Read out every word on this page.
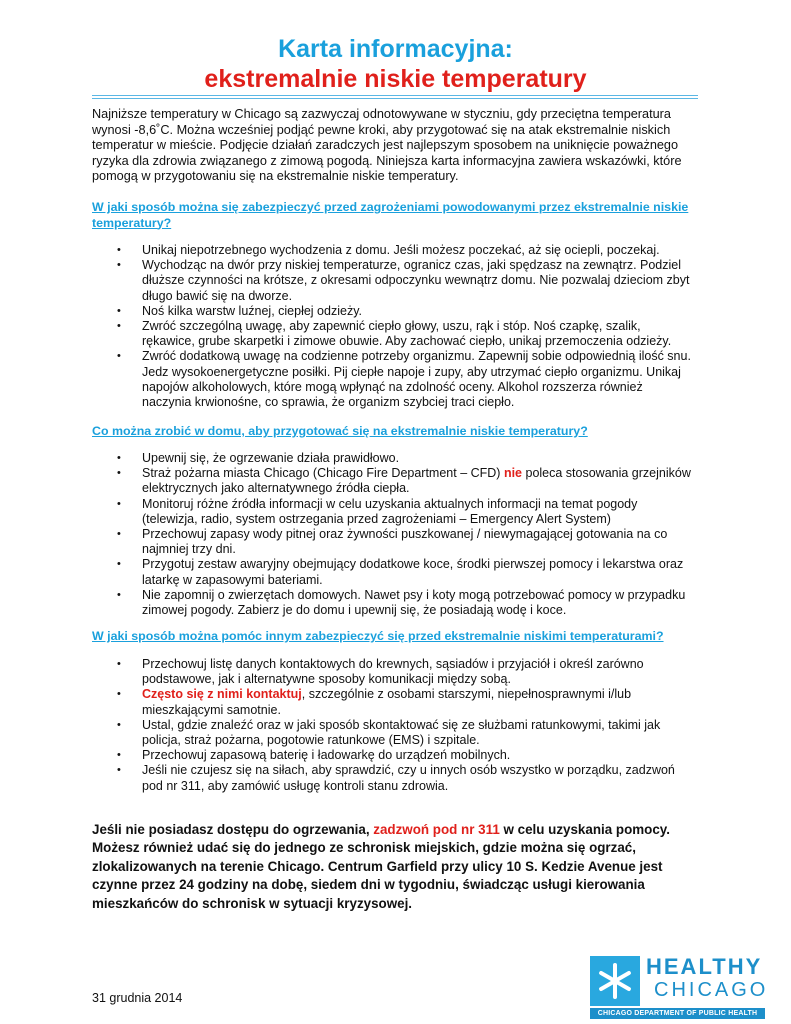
Karta informacyjna:
ekstremalnie niskie temperatury

Najniższe temperatury w Chicago są zazwyczaj odnotowywane w styczniu, gdy przeciętna temperatura wynosi -8,6˚C. Można wcześniej podjąć pewne kroki, aby przygotować się na atak ekstremalnie niskich temperatur w mieście. Podjęcie działań zaradczych jest najlepszym sposobem na uniknięcie poważnego ryzyka dla zdrowia związanego z zimową pogodą. Niniejsza karta informacyjna zawiera wskazówki, które pomogą w przygotowaniu się na ekstremalnie niskie temperatury.

W jaki sposób można się zabezpieczyć przed zagrożeniami powodowanymi przez ekstremalnie niskie temperatury?

• Unikaj niepotrzebnego wychodzenia z domu. Jeśli możesz poczekać, aż się ociepli, poczekaj.
• Wychodząc na dwór przy niskiej temperaturze, ogranicz czas, jaki spędzasz na zewnątrz. Podziel dłuższe czynności na krótsze, z okresami odpoczynku wewnątrz domu. Nie pozwalaj dzieciom zbyt długo bawić się na dworze.
• Noś kilka warstw luźnej, ciepłej odzieży.
• Zwróć szczególną uwagę, aby zapewnić ciepło głowy, uszu, rąk i stóp. Noś czapkę, szalik, rękawice, grube skarpetki i zimowe obuwie. Aby zachować ciepło, unikaj przemoczenia odzieży.
• Zwróć dodatkową uwagę na codzienne potrzeby organizmu. Zapewnij sobie odpowiednią ilość snu. Jedz wysokoenergetyczne posiłki. Pij ciepłe napoje i zupy, aby utrzymać ciepło organizmu. Unikaj napojów alkoholowych, które mogą wpłynąć na zdolność oceny. Alkohol rozszerza również naczynia krwionośne, co sprawia, że organizm szybciej traci ciepło.

Co można zrobić w domu, aby przygotować się na ekstremalnie niskie temperatury?

• Upewnij się, że ogrzewanie działa prawidłowo.
• Straż pożarna miasta Chicago (Chicago Fire Department – CFD) nie poleca stosowania grzejników elektrycznych jako alternatywnego źródła ciepła.
• Monitoruj różne źródła informacji w celu uzyskania aktualnych informacji na temat pogody (telewizja, radio, system ostrzegania przed zagrożeniami – Emergency Alert System)
• Przechowuj zapasy wody pitnej oraz żywności puszkowanej / niewymagającej gotowania na co najmniej trzy dni.
• Przygotuj zestaw awaryjny obejmujący dodatkowe koce, środki pierwszej pomocy i lekarstwa oraz latarkę w zapasowymi bateriami.
• Nie zapomnij o zwierzętach domowych. Nawet psy i koty mogą potrzebować pomocy w przypadku zimowej pogody. Zabierz je do domu i upewnij się, że posiadają wodę i koce.

W jaki sposób można pomóc innym zabezpieczyć się przed ekstremalnie niskimi temperaturami?

• Przechowuj listę danych kontaktowych do krewnych, sąsiadów i przyjaciół i określ zarówno podstawowe, jak i alternatywne sposoby komunikacji między sobą.
• Często się z nimi kontaktuj, szczególnie z osobami starszymi, niepełnosprawnymi i/lub mieszkającymi samotnie.
• Ustal, gdzie znaleźć oraz w jaki sposób skontaktować się ze służbami ratunkowymi, takimi jak policja, straż pożarna, pogotowie ratunkowe (EMS) i szpitale.
• Przechowuj zapasową baterię i ładowarkę do urządzeń mobilnych.
• Jeśli nie czujesz się na siłach, aby sprawdzić, czy u innych osób wszystko w porządku, zadzwoń pod nr 311, aby zamówić usługę kontroli stanu zdrowia.

Jeśli nie posiadasz dostępu do ogrzewania, zadzwoń pod nr 311 w celu uzyskania pomocy. Możesz również udać się do jednego ze schronisk miejskich, gdzie można się ogrzać, zlokalizowanych na terenie Chicago. Centrum Garfield przy ulicy 10 S. Kedzie Avenue jest czynne przez 24 godziny na dobę, siedem dni w tygodniu, świadcząc usługi kierowania mieszkańców do schronisk w sytuacji kryzysowej.

31 grudnia 2014
HEALTHY
CHICAGO
CHICAGO DEPARTMENT OF PUBLIC HEALTH
